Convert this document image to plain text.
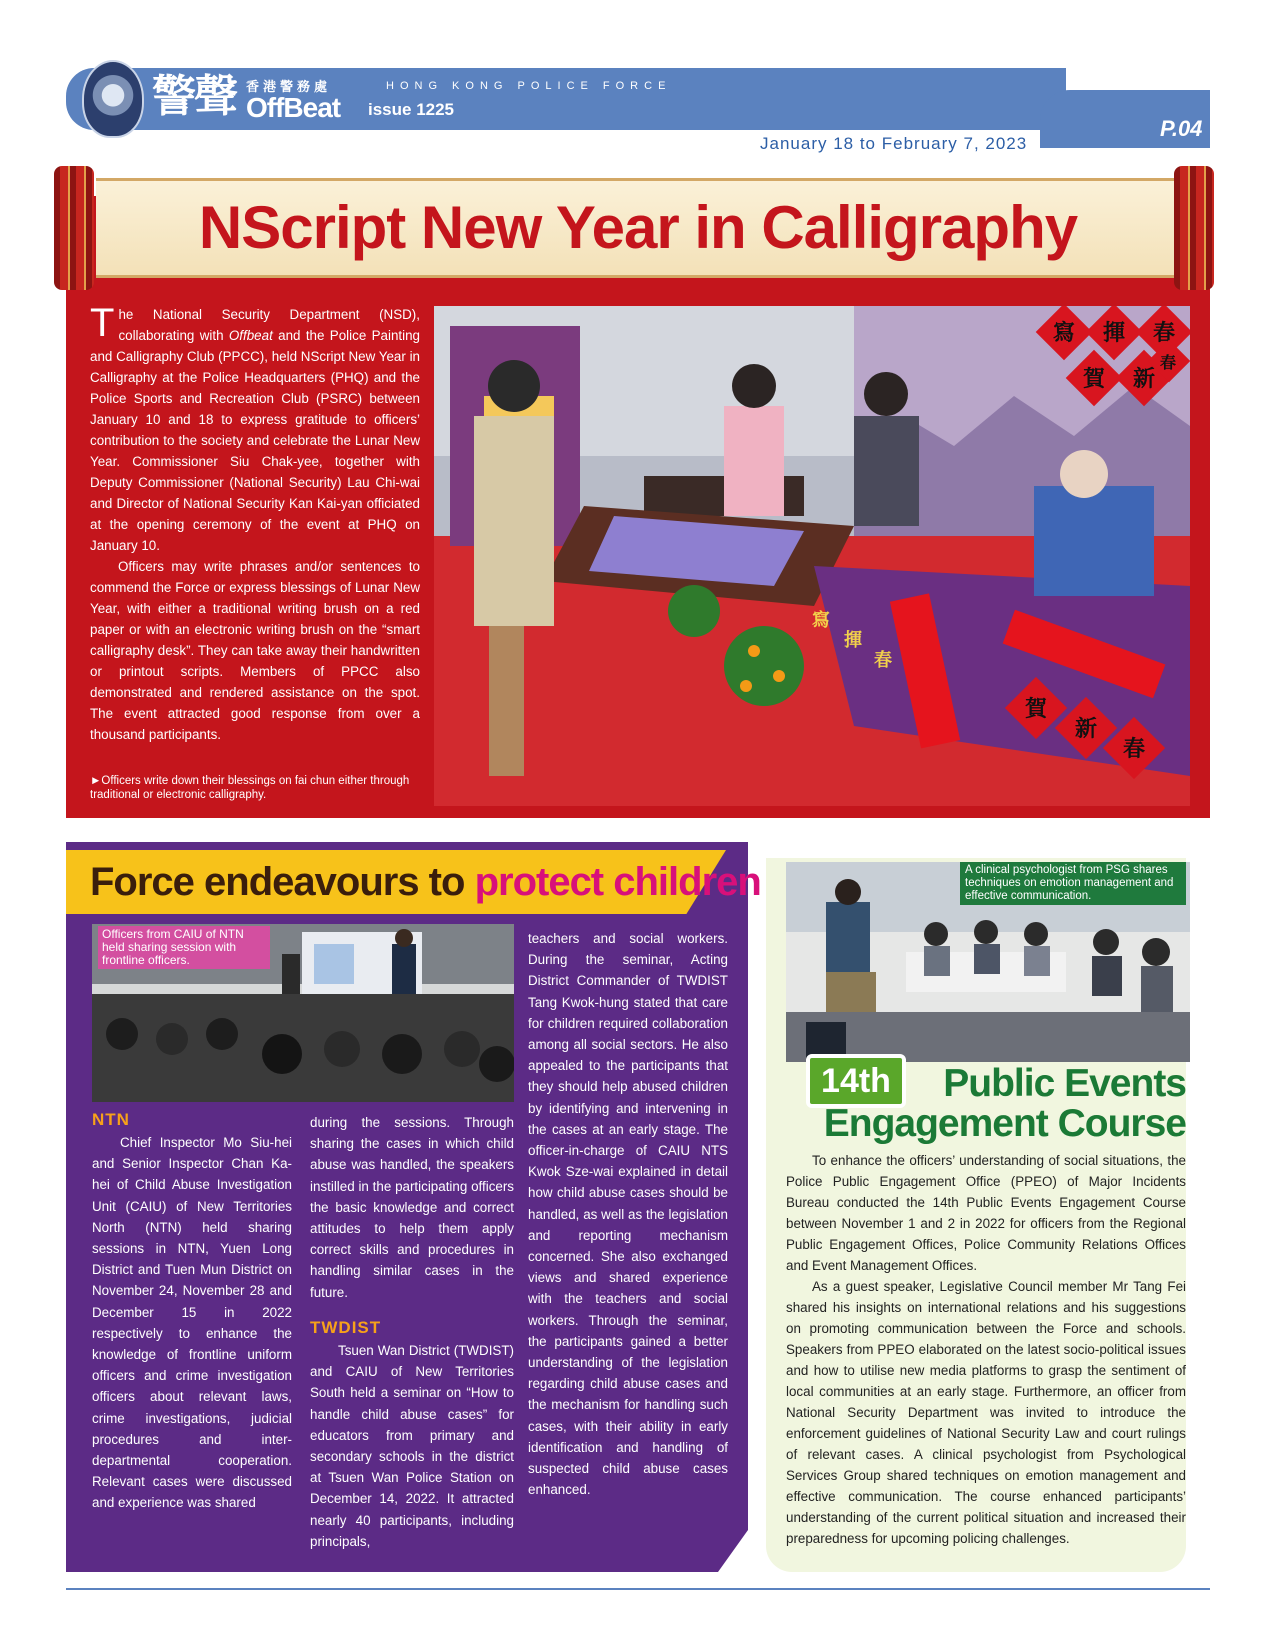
警聲 香港警務處
OffBeat issue 1225
HONG KONG POLICE FORCE
January 18 to February 7, 2023
P.04
NScript New Year in Calligraphy

The National Security Department (NSD), collaborating with Offbeat and the Police Painting and Calligraphy Club (PPCC), held NScript New Year in Calligraphy at the Police Headquarters (PHQ) and the Police Sports and Recreation Club (PSRC) between January 10 and 18 to express gratitude to officers’ contribution to the society and celebrate the Lunar New Year. Commissioner Siu Chak-yee, together with Deputy Commissioner (National Security) Lau Chi-wai and Director of National Security Kan Kai-yan officiated at the opening ceremony of the event at PHQ on January 10.

Officers may write phrases and/or sentences to commend the Force or express blessings of Lunar New Year, with either a traditional writing brush on a red paper or with an electronic writing brush on the “smart calligraphy desk”. They can take away their handwritten or printout scripts. Members of PPCC also demonstrated and rendered assistance on the spot. The event attracted good response from over a thousand participants.

►Officers write down their blessings on fai chun either through traditional or electronic calligraphy.
寫 揮 春
賀 新
春
寫
揮
春
賀
新
春
Force endeavours to protect children
Officers from CAIU of NTN held sharing session with frontline officers.
NTN

Chief Inspector Mo Siu-hei and Senior Inspector Chan Ka-hei of Child Abuse Investigation Unit (CAIU) of New Territories North (NTN) held sharing sessions in NTN, Yuen Long District and Tuen Mun District on November 24, November 28 and December 15 in 2022 respectively to enhance the knowledge of frontline uniform officers and crime investigation officers about relevant laws, crime investigations, judicial procedures and inter-departmental cooperation. Relevant cases were discussed and experience was shared

during the sessions. Through sharing the cases in which child abuse was handled, the speakers instilled in the participating officers the basic knowledge and correct attitudes to help them apply correct skills and procedures in handling similar cases in the future.

TWDIST

Tsuen Wan District (TWDIST) and CAIU of New Territories South held a seminar on “How to handle child abuse cases” for educators from primary and secondary schools in the district at Tsuen Wan Police Station on December 14, 2022. It attracted nearly 40 participants, including principals,

teachers and social workers. During the seminar, Acting District Commander of TWDIST Tang Kwok-hung stated that care for children required collaboration among all social sectors. He also appealed to the participants that they should help abused children by identifying and intervening in the cases at an early stage. The officer-in-charge of CAIU NTS Kwok Sze-wai explained in detail how child abuse cases should be handled, as well as the legislation and reporting mechanism concerned. She also exchanged views and shared experience with the teachers and social workers. Through the seminar, the participants gained a better understanding of the legislation regarding child abuse cases and the mechanism for handling such cases, with their ability in early identification and handling of suspected child abuse cases enhanced.

A clinical psychologist from PSG shares techniques on emotion management and effective communication.
14th	Public Events
Engagement Course

To enhance the officers’ understanding of social situations, the Police Public Engagement Office (PPEO) of Major Incidents Bureau conducted the 14th Public Events Engagement Course between November 1 and 2 in 2022 for officers from the Regional Public Engagement Offices, Police Community Relations Offices and Event Management Offices.

As a guest speaker, Legislative Council member Mr Tang Fei shared his insights on international relations and his suggestions on promoting communication between the Force and schools. Speakers from PPEO elaborated on the latest socio-political issues and how to utilise new media platforms to grasp the sentiment of local communities at an early stage. Furthermore, an officer from National Security Department was invited to introduce the enforcement guidelines of National Security Law and court rulings of relevant cases. A clinical psychologist from Psychological Services Group shared techniques on emotion management and effective communication. The course enhanced participants’ understanding of the current political situation and increased their preparedness for upcoming policing challenges.
